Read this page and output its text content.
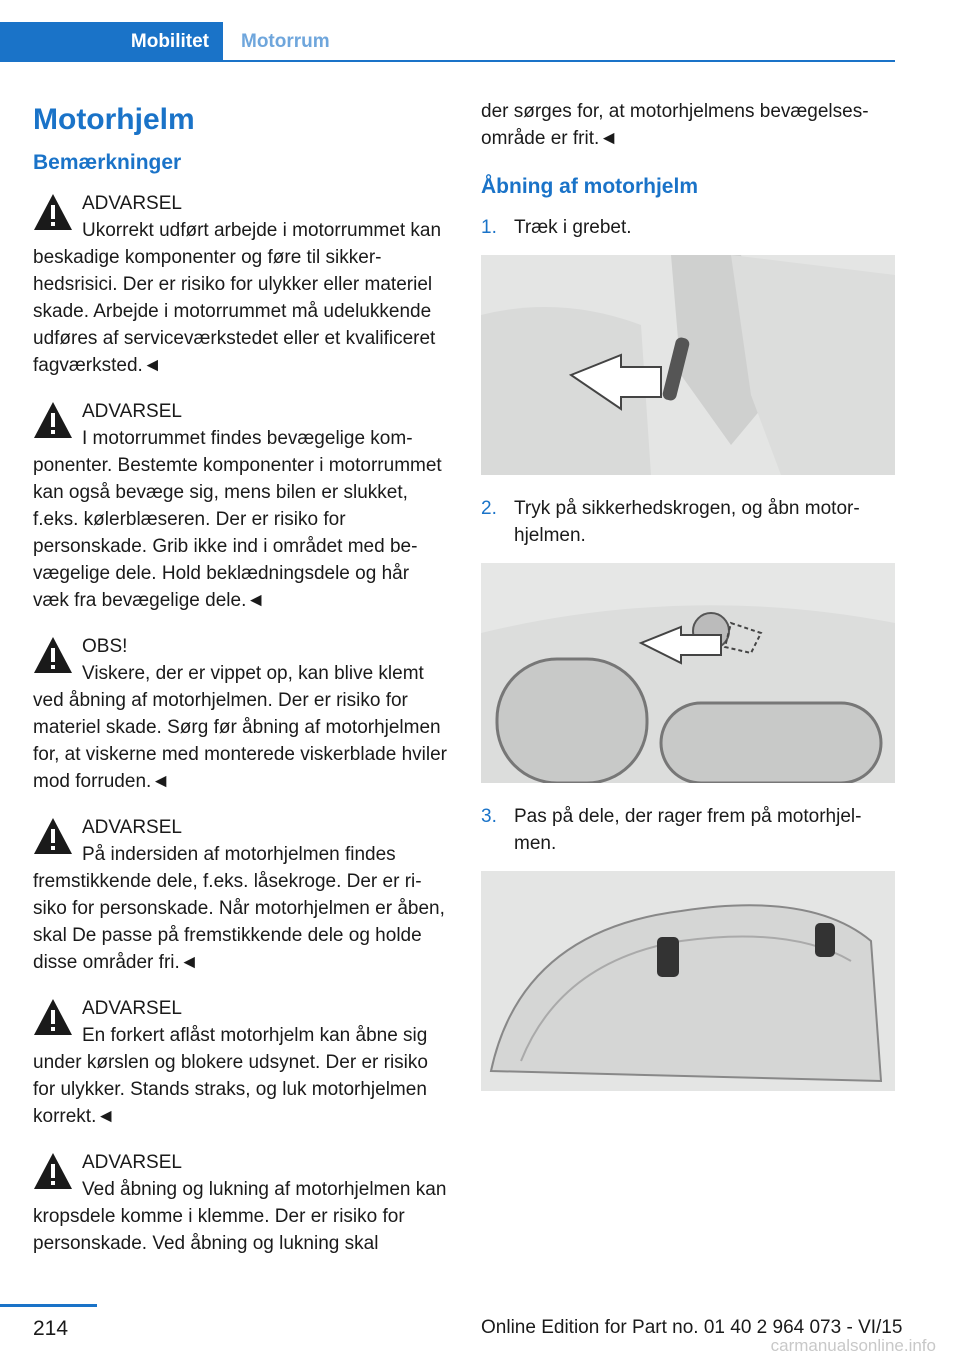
Mobilitet	Motorrum
Motorhjelm
Bemærkninger

ADVARSEL

Ukorrekt udført arbejde i motorrummet kan beskadige komponenter og føre til sikkerhedsrisici. Der er risiko for ulykker eller materiel skade. Arbejde i motorrummet må udelukkende udføres af serviceværkstedet eller et kvalificeret fagværksted.◄

ADVARSEL

I motorrummet findes bevægelige komponenter. Bestemte komponenter i motorrummet kan også bevæge sig, mens bilen er slukket, f.eks. kølerblæseren. Der er risiko for personskade. Grib ikke ind i området med bevægelige dele. Hold beklædningsdele og hår væk fra bevægelige dele.◄

OBS!

Viskere, der er vippet op, kan blive klemt ved åbning af motorhjelmen. Der er risiko for materiel skade. Sørg før åbning af motorhjelmen for, at viskerne med monterede viskerblade hviler mod forruden.◄

ADVARSEL

På indersiden af motorhjelmen findes fremstikkende dele, f.eks. låsekroge. Der er risiko for personskade. Når motorhjelmen er åben, skal De passe på fremstikkende dele og holde disse områder fri.◄

ADVARSEL

En forkert aflåst motorhjelm kan åbne sig under kørslen og blokere udsynet. Der er risiko for ulykker. Stands straks, og luk motorhjelmen korrekt.◄

ADVARSEL

Ved åbning og lukning af motorhjelmen kan kropsdele komme i klemme. Der er risiko for personskade. Ved åbning og lukning skal

der sørges for, at motorhjelmens bevægelsesområde er frit.◄

Åbning af motorhjelm
1. Træk i grebet.
2. Tryk på sikkerhedskrogen, og åbn motorhjelmen.
3. Pas på dele, der rager frem på motorhjelmen.
214	Online Edition for Part no. 01 40 2 964 073 - VI/15
carmanualsonline.info
